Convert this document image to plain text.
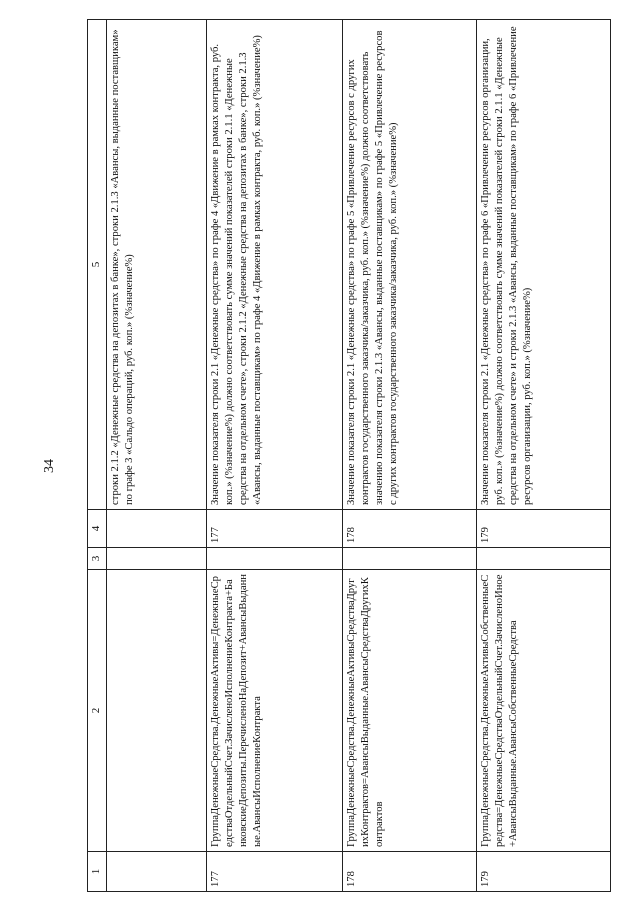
34
1	2	3	4	5
				строки 2.1.2 «Денежные средства на депозитах в банке», строки 2.1.3 «Авансы, выданные поставщикам» по графе 3 «Сальдо операций, руб. коп.» (%значение%)
177	ГруппаДенежныеСредства.ДенежныеАктивы=ДенежныеСредстваОтдельныйСчет.ЗачисленоИсполнениеКонтракта+БанковскиеДепозиты.ПеречисленоНаДепозит+АвансыВыданные.АвансыИсполнениеКонтракта		177	Значение показателя строки 2.1 «Денежные средства» по графе 4 «Движение в рамках контракта, руб. коп.» (%значение%) должно соответствовать сумме значений показателей строки 2.1.1 «Денежные средства на отдельном счете», строки 2.1.2 «Денежные средства на депозитах в банке», строки 2.1.3 «Авансы, выданные поставщикам» по графе 4 «Движение в рамках контракта, руб. коп.» (%значение%)
178	ГруппаДенежныеСредства.ДенежныеАктивыСредстваДругихКонтрактов=АвансыВыданные.АвансыСредстваДругихКонтрактов		178	Значение показателя строки 2.1 «Денежные средства» по графе 5 «Привлечение ресурсов с других контрактов государственного заказчика/заказчика, руб. коп.» (%значение%) должно соответствовать значению показателя строки 2.1.3 «Авансы, выданные поставщикам» по графе 5 «Привлечение ресурсов с других контрактов государственного заказчика/заказчика, руб. коп.» (%значение%)
179	ГруппаДенежныеСредства.ДенежныеАктивыСобственныеСредства=ДенежныеСредстваОтдельныйСчет.ЗачисленоИное+АвансыВыданные.АвансыСобственныеСредства		179	Значение показателя строки 2.1 «Денежные средства» по графе 6 «Привлечение ресурсов организации, руб. коп.» (%значение%) должно соответствовать сумме значений показателей строки 2.1.1 «Денежные средства на отдельном счете» и строки 2.1.3 «Авансы, выданные поставщикам» по графе 6 «Привлечение ресурсов организации, руб. коп.» (%значение%)
